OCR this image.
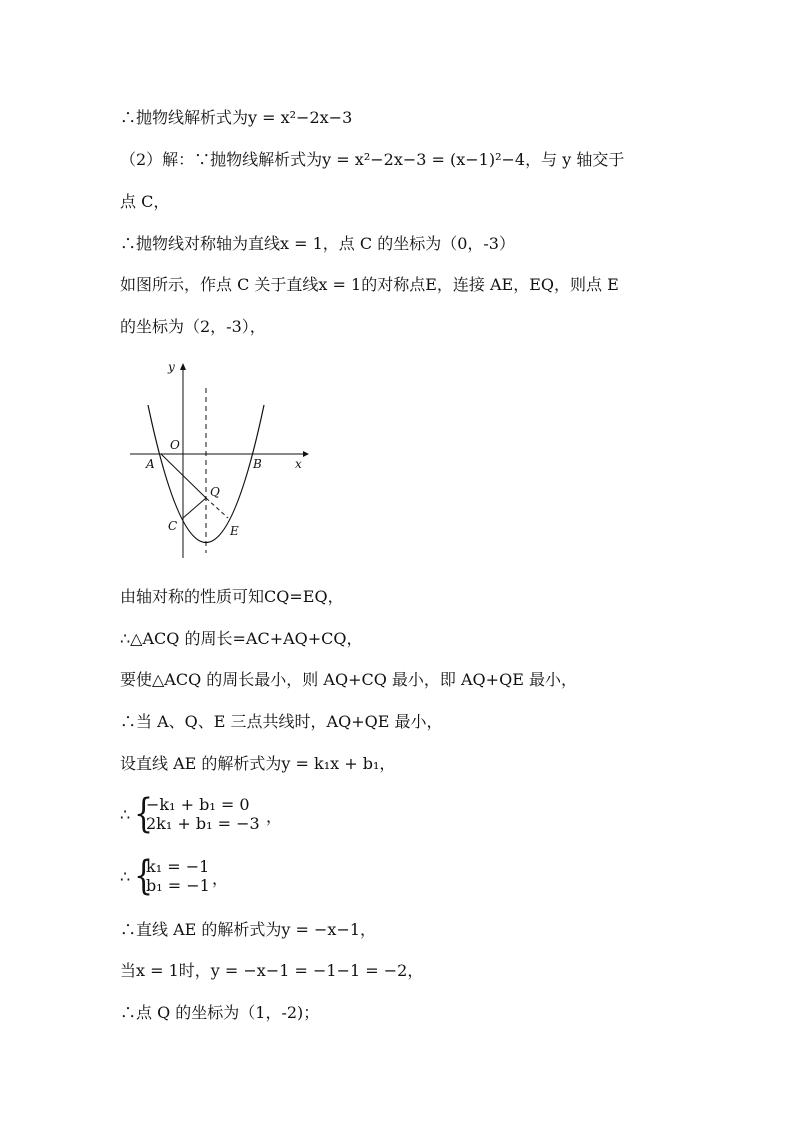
∴抛物线解析式为y = x²−2x−3
（2）解：∵抛物线解析式为y = x²−2x−3 = (x−1)²−4，与 y 轴交于
点 C，
∴抛物线对称轴为直线x = 1，点 C 的坐标为（0，-3）
如图所示，作点 C 关于直线x = 1的对称点E，连接 AE，EQ，则点 E
的坐标为（2，-3），
y
x
O
A	B
Q
C	E
由轴对称的性质可知CQ=EQ，
∴△ACQ 的周长=AC+AQ+CQ，
要使△ACQ 的周长最小，则 AQ+CQ 最小，即 AQ+QE 最小，
∴当 A、Q、E 三点共线时，AQ+QE 最小，
设直线 AE 的解析式为y = k₁x + b₁，
∴ {
−k₁ + b₁ = 0
2k₁ + b₁ = −3 ，
∴ {
k₁ = −1
b₁ = −1 ，
∴直线 AE 的解析式为y = −x−1，
当x = 1时，y = −x−1 = −1−1 = −2，
∴点 Q 的坐标为（1，-2)；
